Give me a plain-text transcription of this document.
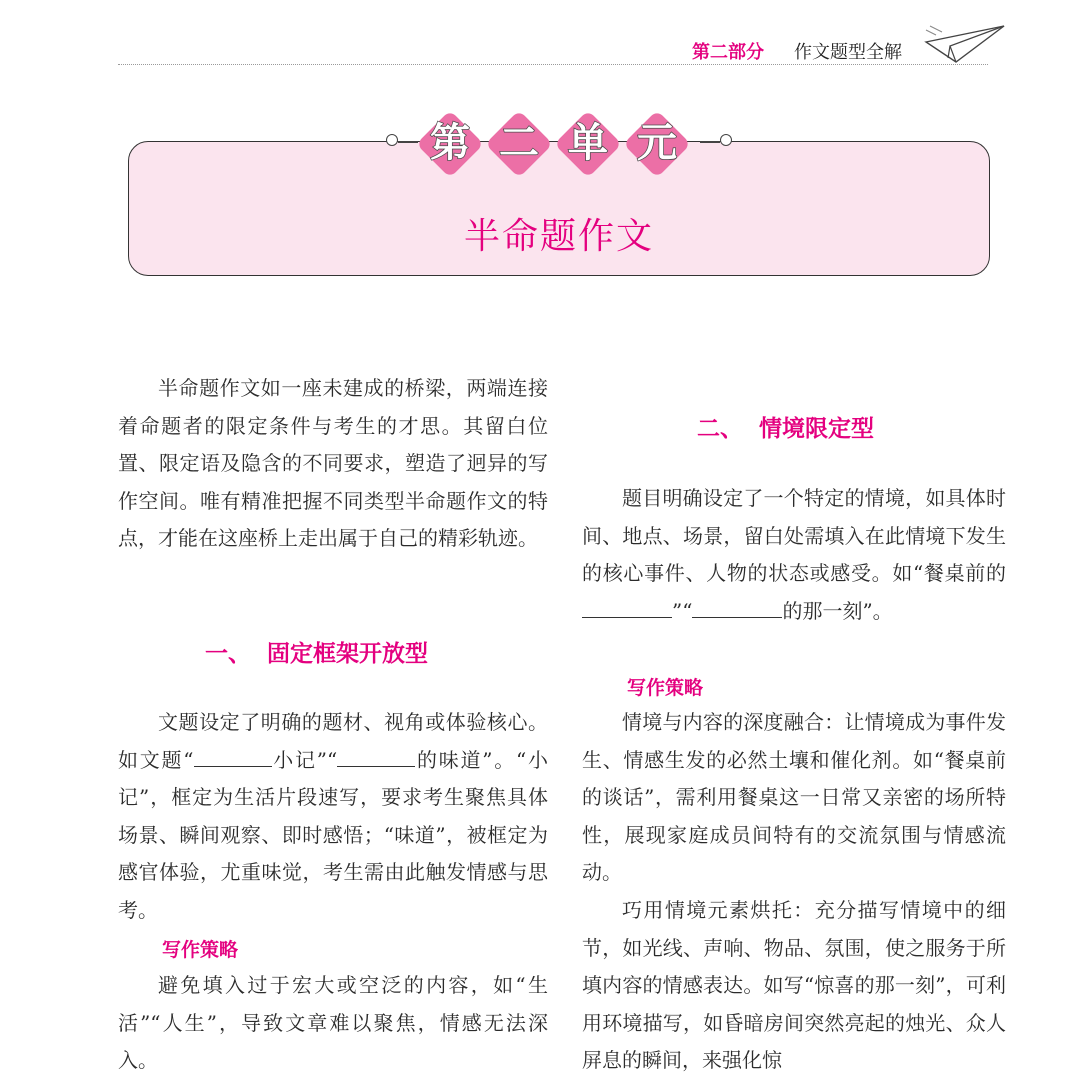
第二部分 作文题型全解
半命题作文
第 二 单 元

半命题作文如一座未建成的桥梁，两端连接着命题者的限定条件与考生的才思。其留白位置、限定语及隐含的不同要求，塑造了迥异的写作空间。唯有精准把握不同类型半命题作文的特点，才能在这座桥上走出属于自己的精彩轨迹。

一、 固定框架开放型

文题设定了明确的题材、视角或体验核心。如文题“	小记”“	的味道”。“小记”，框定为生活片段速写，要求考生聚焦具体场景、瞬间观察、即时感悟；“味道”，被框定为感官体验，尤重味觉，考生需由此触发情感与思考。

写作策略

避免填入过于宏大或空泛的内容，如“生活”“人生”，导致文章难以聚焦，情感无法深入。

二、 情境限定型

题目明确设定了一个特定的情境，如具体时间、地点、场景，留白处需填入在此情境下发生的核心事件、人物的状态或感受。如“餐桌前的”“	的那一刻”。

写作策略

情境与内容的深度融合：让情境成为事件发生、情感生发的必然土壤和催化剂。如“餐桌前的谈话”，需利用餐桌这一日常又亲密的场所特性，展现家庭成员间特有的交流氛围与情感流动。

巧用情境元素烘托：充分描写情境中的细节，如光线、声响、物品、氛围，使之服务于所填内容的情感表达。如写“惊喜的那一刻”，可利用环境描写，如昏暗房间突然亮起的烛光、众人屏息的瞬间，来强化惊
